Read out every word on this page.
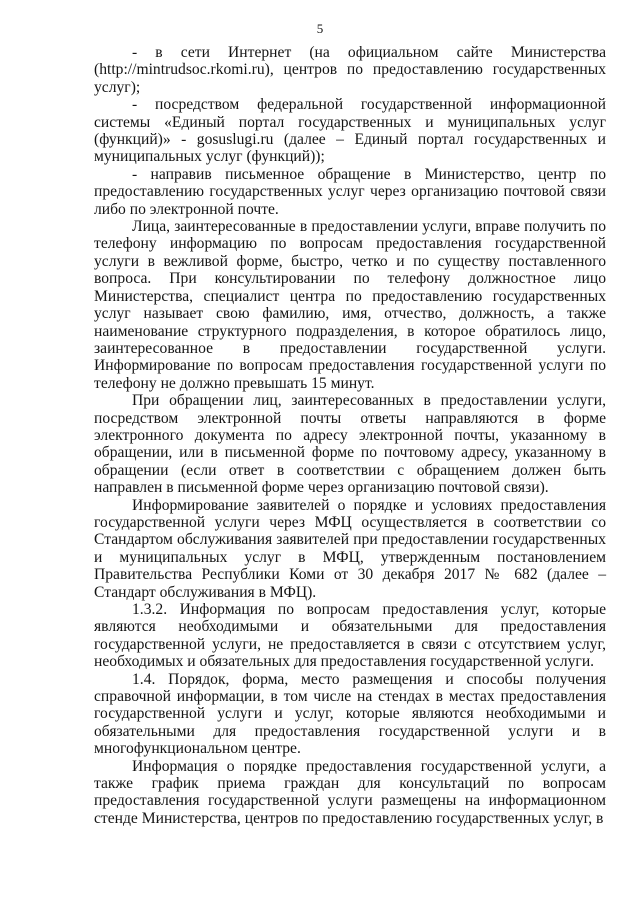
5

- в сети Интернет (на официальном сайте Министерства (http://mintrudsoc.rkomi.ru), центров по предоставлению государственных услуг);

- посредством федеральной государственной информационной системы «Единый портал государственных и муниципальных услуг (функций)» - gosuslugi.ru (далее – Единый портал государственных и муниципальных услуг (функций));

- направив письменное обращение в Министерство, центр по предоставлению государственных услуг через организацию почтовой связи либо по электронной почте.

Лица, заинтересованные в предоставлении услуги, вправе получить по телефону информацию по вопросам предоставления государственной услуги в вежливой форме, быстро, четко и по существу поставленного вопроса. При консультировании по телефону должностное лицо Министерства, специалист центра по предоставлению государственных услуг называет свою фамилию, имя, отчество, должность, а также наименование структурного подразделения, в которое обратилось лицо, заинтересованное в предоставлении государственной услуги. Информирование по вопросам предоставления государственной услуги по телефону не должно превышать 15 минут.

При обращении лиц, заинтересованных в предоставлении услуги, посредством электронной почты ответы направляются в форме электронного документа по адресу электронной почты, указанному в обращении, или в письменной форме по почтовому адресу, указанному в обращении (если ответ в соответствии с обращением должен быть направлен в письменной форме через организацию почтовой связи).

Информирование заявителей о порядке и условиях предоставления государственной услуги через МФЦ осуществляется в соответствии со Стандартом обслуживания заявителей при предоставлении государственных и муниципальных услуг в МФЦ, утвержденным постановлением Правительства Республики Коми от 30 декабря 2017 № 682 (далее – Стандарт обслуживания в МФЦ).

1.3.2. Информация по вопросам предоставления услуг, которые являются необходимыми и обязательными для предоставления государственной услуги, не предоставляется в связи с отсутствием услуг, необходимых и обязательных для предоставления государственной услуги.

1.4. Порядок, форма, место размещения и способы получения справочной информации, в том числе на стендах в местах предоставления государственной услуги и услуг, которые являются необходимыми и обязательными для предоставления государственной услуги и в многофункциональном центре.

Информация о порядке предоставления государственной услуги, а также график приема граждан для консультаций по вопросам предоставления государственной услуги размещены на информационном стенде Министерства, центров по предоставлению государственных услуг, в
